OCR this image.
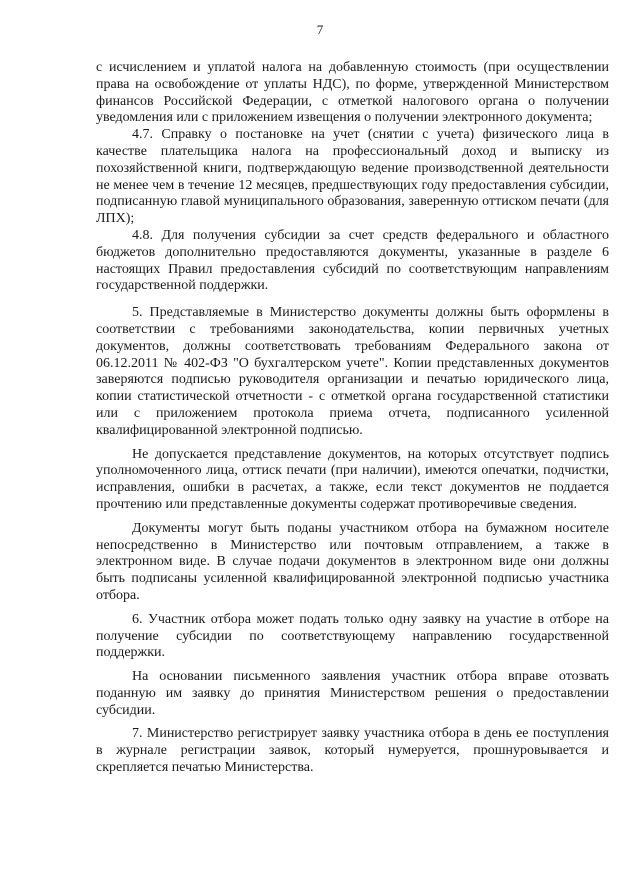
7

с исчислением и уплатой налога на добавленную стоимость (при осуществлении права на освобождение от уплаты НДС), по форме, утвержденной Министерством финансов Российской Федерации, с отметкой налогового органа о получении уведомления или с приложением извещения о получении электронного документа;

4.7. Справку о постановке на учет (снятии с учета) физического лица в качестве плательщика налога на профессиональный доход и выписку из похозяйственной книги, подтверждающую ведение производственной деятельности не менее чем в течение 12 месяцев, предшествующих году предоставления субсидии, подписанную главой муниципального образования, заверенную оттиском печати (для ЛПХ);

4.8. Для получения субсидии за счет средств федерального и областного бюджетов дополнительно предоставляются документы, указанные в разделе 6 настоящих Правил предоставления субсидий по соответствующим направлениям государственной поддержки.

5. Представляемые в Министерство документы должны быть оформлены в соответствии с требованиями законодательства, копии первичных учетных документов, должны соответствовать требованиям Федерального закона от 06.12.2011 № 402-ФЗ "О бухгалтерском учете". Копии представленных документов заверяются подписью руководителя организации и печатью юридического лица, копии статистической отчетности - с отметкой органа государственной статистики или с приложением протокола приема отчета, подписанного усиленной квалифицированной электронной подписью.

Не допускается представление документов, на которых отсутствует подпись уполномоченного лица, оттиск печати (при наличии), имеются опечатки, подчистки, исправления, ошибки в расчетах, а также, если текст документов не поддается прочтению или представленные документы содержат противоречивые сведения.

Документы могут быть поданы участником отбора на бумажном носителе непосредственно в Министерство или почтовым отправлением, а также в электронном виде. В случае подачи документов в электронном виде они должны быть подписаны усиленной квалифицированной электронной подписью участника отбора.

6. Участник отбора может подать только одну заявку на участие в отборе на получение субсидии по соответствующему направлению государственной поддержки.

На основании письменного заявления участник отбора вправе отозвать поданную им заявку до принятия Министерством решения о предоставлении субсидии.

7. Министерство регистрирует заявку участника отбора в день ее поступления в журнале регистрации заявок, который нумеруется, прошнуровывается и скрепляется печатью Министерства.
